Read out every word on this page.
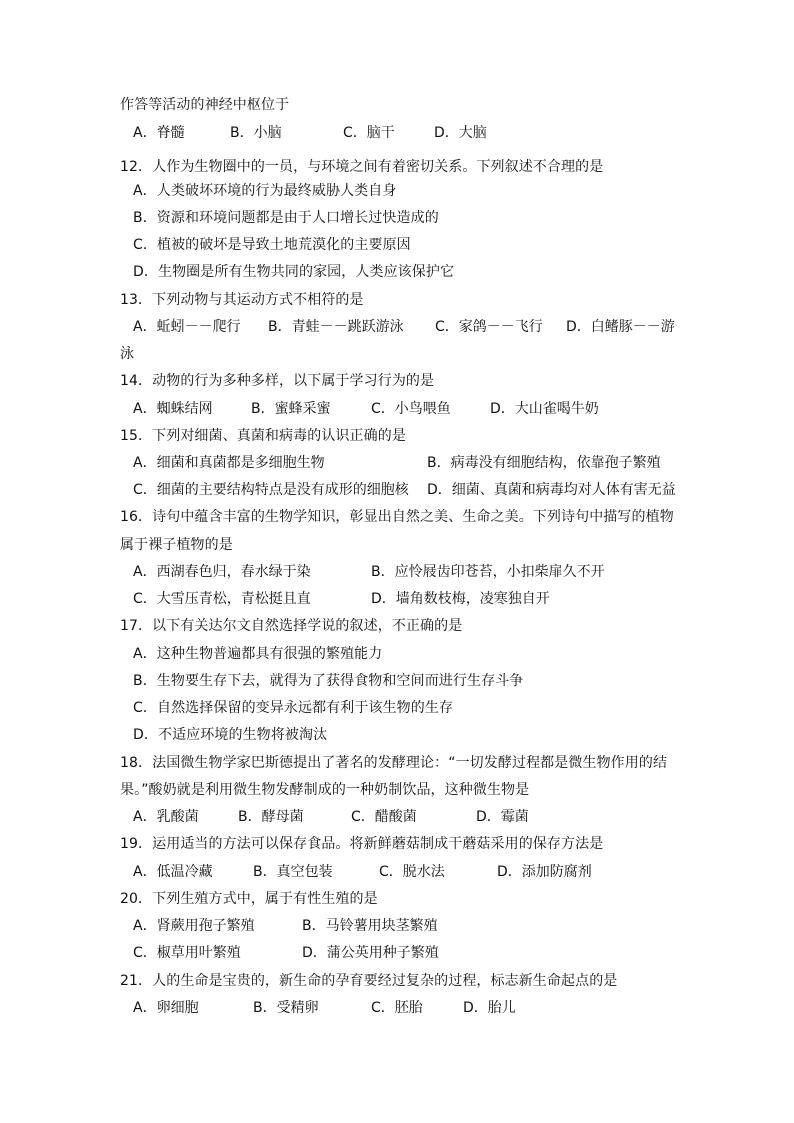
作答等活动的神经中枢位于
A．脊髓	B．小脑	C．脑干	D．大脑
12．人作为生物圈中的一员，与环境之间有着密切关系。下列叙述不合理的是
A．人类破坏环境的行为最终威胁人类自身
B．资源和环境问题都是由于人口增长过快造成的
C．植被的破坏是导致土地荒漠化的主要原因
D．生物圈是所有生物共同的家园，人类应该保护它
13．下列动物与其运动方式不相符的是
A．蚯蚓－－爬行 B．青蛙－－跳跃游泳 C．家鸽－－飞行 D．白鳍豚－－游
泳
14．动物的行为多种多样，以下属于学习行为的是
A．蜘蛛结网	B．蜜蜂采蜜	C．小鸟喂鱼	D．大山雀喝牛奶
15．下列对细菌、真菌和病毒的认识正确的是
A．细菌和真菌都是多细胞生物	B．病毒没有细胞结构，依靠孢子繁殖
C．细菌的主要结构特点是没有成形的细胞核 D．细菌、真菌和病毒均对人体有害无益
16．诗句中蕴含丰富的生物学知识，彰显出自然之美、生命之美。下列诗句中描写的植物
属于裸子植物的是
A．西湖春色归，春水绿于染	B．应怜屐齿印苍苔，小扣柴扉久不开
C．大雪压青松，青松挺且直	D．墙角数枝梅，凌寒独自开
17．以下有关达尔文自然选择学说的叙述，不正确的是
A．这种生物普遍都具有很强的繁殖能力
B．生物要生存下去，就得为了获得食物和空间而进行生存斗争
C．自然选择保留的变异永远都有利于该生物的生存
D．不适应环境的生物将被淘汰
18．法国微生物学家巴斯德提出了著名的发酵理论：“一切发酵过程都是微生物作用的结
果。”酸奶就是利用微生物发酵制成的一种奶制饮品，这种微生物是
A．乳酸菌	B．酵母菌	C．醋酸菌	D．霉菌
19．运用适当的方法可以保存食品。将新鲜蘑菇制成干蘑菇采用的保存方法是
A．低温冷藏	B．真空包装	C．脱水法	D．添加防腐剂
20．下列生殖方式中，属于有性生殖的是
A．肾蕨用孢子繁殖	B．马铃薯用块茎繁殖
C．椒草用叶繁殖	D．蒲公英用种子繁殖
21．人的生命是宝贵的，新生命的孕育要经过复杂的过程，标志新生命起点的是
A．卵细胞	B．受精卵	C．胚胎	D．胎儿
